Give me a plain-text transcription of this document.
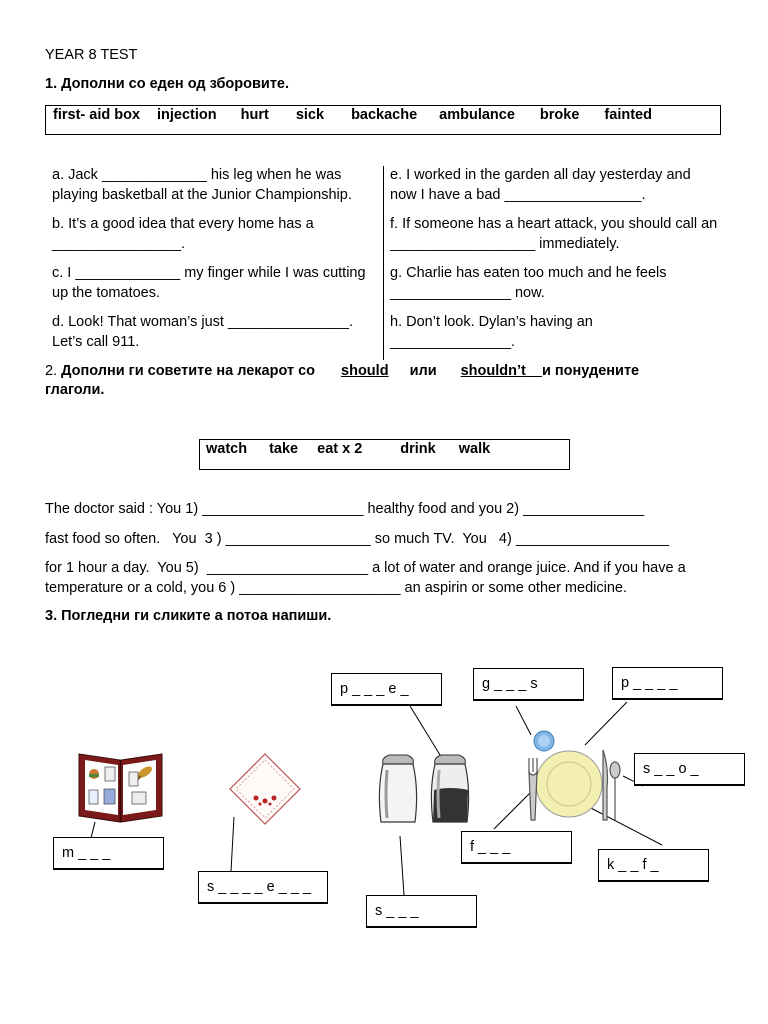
YEAR 8 TEST
1. Дополни со еден од зборовите.
first- aid box injection hurt sick backache ambulance broke fainted

a. Jack _____________ his leg when he was playing basketball at the Junior Championship.

b. It’s a good idea that every home has a ________________.

c. I _____________ my finger while I was cutting up the tomatoes.

d. Look! That woman’s just _______________. Let’s call 911.

e. I worked in the garden all day yesterday and now I have a bad _________________.

f. If someone has a heart attack, you should call an __________________ immediately.

g. Charlie has eaten too much and he feels _______________ now.

h. Don’t look. Dylan’s having an _______________.

2. Дополни ги советите на лекарот со should или shouldn’t и понудените
глаголи.
watch take eat x 2	drink walk
The doctor said : You 1) ____________________ healthy food and you 2) _______________
fast food so often.   You  3 ) __________________ so much TV.  You   4) ___________________
for 1 hour a day.  You 5)  ____________________ a lot of water and orange juice. And if you have a
temperature or a cold, you 6 ) ____________________ an aspirin or some other medicine.
3. Погледни ги сликите а потоа напиши.
m _ _ _
s _ _ _ _ e _ _ _
p _ _ _ e _
s _ _ _
g _ _ _ s	p _ _ _ _
s _ _ o _
f _ _ _
k _ _ f _
